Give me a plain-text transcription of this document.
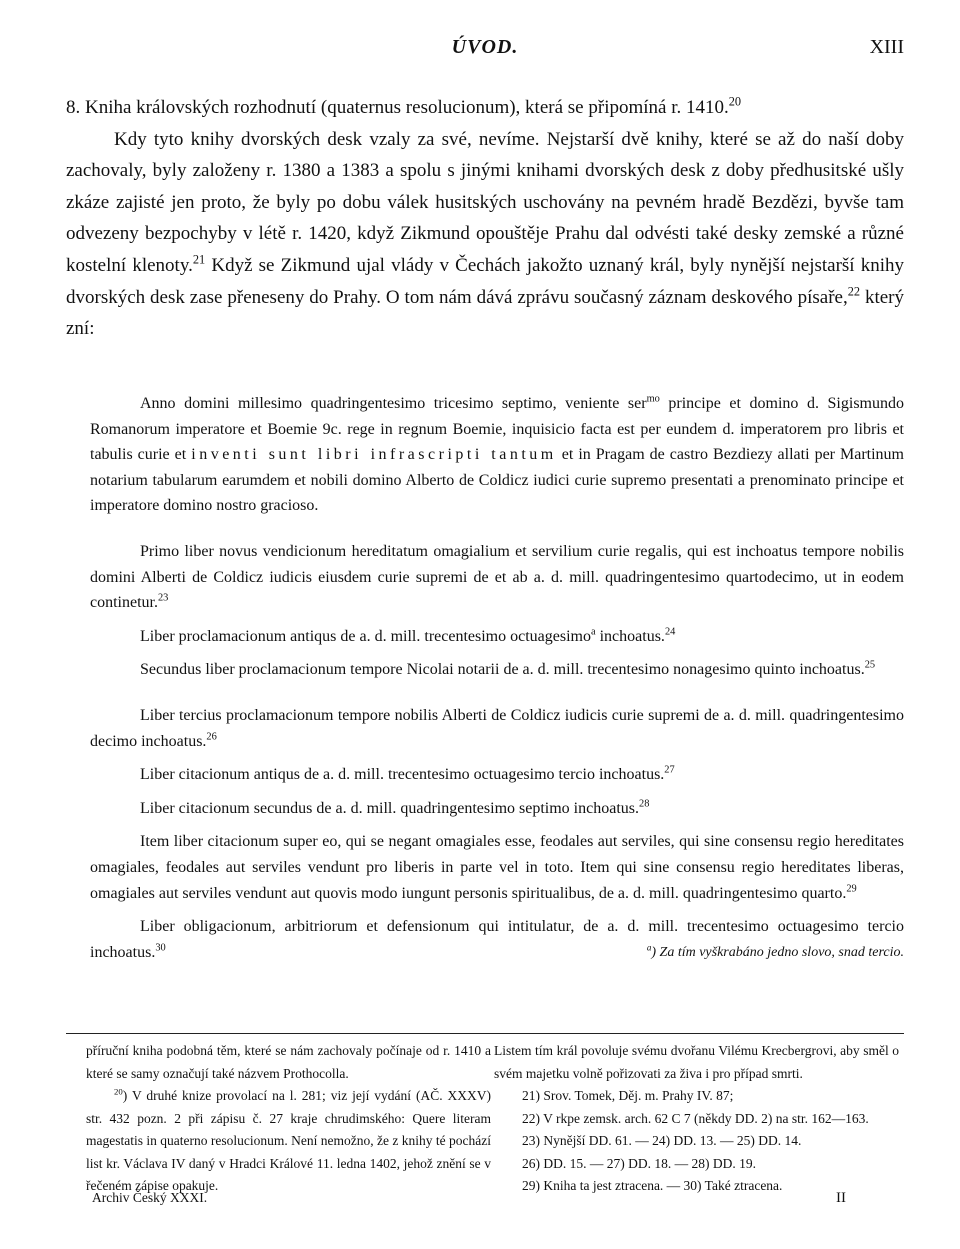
ÚVOD.	XIII

8. Kniha královských rozhodnutí (quaternus resolucionum), která se připomíná r. 1410.20

Kdy tyto knihy dvorských desk vzaly za své, nevíme. Nejstarší dvě knihy, které se až do naší doby zachovaly, byly založeny r. 1380 a 1383 a spolu s jinými knihami dvorských desk z doby předhusitské ušly zkáze zajisté jen proto, že byly po dobu válek husitských uschovány na pevném hradě Bezdězi, byvše tam odvezeny bezpochyby v létě r. 1420, když Zikmund opouštěje Prahu dal odvésti také desky zemské a různé kostelní klenoty.$^{21}$ Když se Zikmund ujal vlády v Čechách jakožto uznaný král, byly nynější nejstarší knihy dvorských desk zase přeneseny do Prahy. O tom nám dává zprávu současný záznam deskového písaře,$^{22}$ který zní:

Anno domini millesimo quadringentesimo tricesimo septimo, veniente ser$^{mo}$ principe et domino d. Sigismundo Romanorum imperatore et Boemie 9c. rege in regnum Boemie, inquisicio facta est per eundem d. imperatorem pro libris et tabulis curie et inventi sunt libri infrascripti tantum et in Pragam de castro Bezdiezy allati per Martinum notarium tabularum earumdem et nobili domino Alberto de Coldicz iudici curie supremo presentati a prenominato principe et imperatore domino nostro gracioso.

Primo liber novus vendicionum hereditatum omagialium et servilium curie regalis, qui est inchoatus tempore nobilis domini Alberti de Coldicz iudicis eiusdem curie supremi de et ab a. d. mill. quadringentesimo quartodecimo, ut in eodem continetur.$^{23}$

Liber proclamacionum antiqus de a. d. mill. trecentesimo octuagesimo$^a$ inchoatus.$^{24}$

Secundus liber proclamacionum tempore Nicolai notarii de a. d. mill. trecentesimo nonagesimo quinto inchoatus.$^{25}$

Liber tercius proclamacionum tempore nobilis Alberti de Coldicz iudicis curie supremi de a. d. mill. quadringentesimo decimo inchoatus.$^{26}$

Liber citacionum antiqus de a. d. mill. trecentesimo octuagesimo tercio inchoatus.$^{27}$

Liber citacionum secundus de a. d. mill. quadringentesimo septimo inchoatus.$^{28}$

Item liber citacionum super eo, qui se negant omagiales esse, feodales aut serviles, qui sine consensu regio hereditates omagiales, feodales aut serviles vendunt pro liberis in parte vel in toto. Item qui sine consensu regio hereditates liberas, omagiales aut serviles vendunt aut quovis modo iungunt personis spiritualibus, de a. d. mill. quadringentesimo quarto.$^{29}$

Liber obligacionum, arbitriorum et defensionum qui intitulatur, de a. d. mill. trecentesimo octuagesimo tercio inchoatus.$^{30}$	$^a$) Za tím vyškrabáno jedno slovo, snad tercio.

příruční kniha podobná těm, které se nám zachovaly počínaje od r. 1410 a které se samy označují také názvem Prothocolla.

$^{20}$) V druhé knize provolací na l. 281; viz její vydání (AČ. XXXV) str. 432 pozn. 2 při zápisu č. 27 kraje chrudimského: Quere literam magestatis in quaterno resolucionum. Není nemožno, že z knihy té pochází list kr. Václava IV daný v Hradci Králové 11. ledna 1402, jehož znění se v řečeném zápise opakuje.

Listem tím král povoluje svému dvořanu Vilému Krecbergrovi, aby směl o svém majetku volně pořizovati za živa i pro případ smrti.

21) Srov. Tomek, Děj. m. Prahy IV. 87;

22) V rkpe zemsk. arch. 62 C 7 (někdy DD. 2) na str. 162—163.

23) Nynější DD. 61. — 24) DD. 13. — 25) DD. 14.

26) DD. 15. — 27) DD. 18. — 28) DD. 19.

29) Kniha ta jest ztracena. — 30) Také ztracena.

Archiv Český XXXI.	II
